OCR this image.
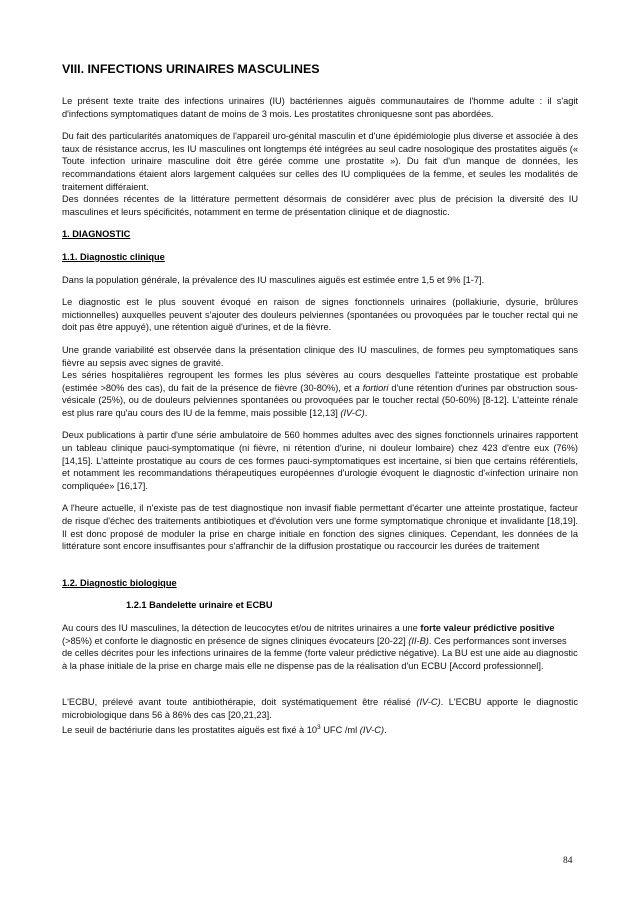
VIII. INFECTIONS URINAIRES MASCULINES

Le présent texte traite des infections urinaires (IU) bactériennes aiguës communautaires de l'homme adulte : il s'agit d'infections symptomatiques datant de moins de 3 mois. Les prostatites chroniquesne sont pas abordées.

Du fait des particularités anatomiques de l'appareil uro-génital masculin et d'une épidémiologie plus diverse et associée à des taux de résistance accrus, les IU masculines ont longtemps été intégrées au seul cadre nosologique des prostatites aiguës (« Toute infection urinaire masculine doit être gérée comme une prostatite »). Du fait d'un manque de données, les recommandations étaient alors largement calquées sur celles des IU compliquées de la femme, et seules les modalités de traitement différaient.

Des données récentes de la littérature permettent désormais de considérer avec plus de précision la diversité des IU masculines et leurs spécificités, notamment en terme de présentation clinique et de diagnostic.

1. DIAGNOSTIC

1.1. Diagnostic clinique

Dans la population générale, la prévalence des IU masculines aiguës est estimée entre 1,5 et 9% [1-7].

Le diagnostic est le plus souvent évoqué en raison de signes fonctionnels urinaires (pollakiurie, dysurie, brûlures mictionnelles) auxquelles peuvent s'ajouter des douleurs pelviennes (spontanées ou provoquées par le toucher rectal qui ne doit pas être appuyé), une rétention aiguë d'urines, et de la fièvre.

Une grande variabilité est observée dans la présentation clinique des IU masculines, de formes peu symptomatiques sans fièvre au sepsis avec signes de gravité.

Les séries hospitalières regroupent les formes les plus sévères au cours desquelles l'atteinte prostatique est probable (estimée >80% des cas), du fait de la présence de fièvre (30-80%), et a fortiori d'une rétention d'urines par obstruction sous-vésicale (25%), ou de douleurs pelviennes spontanées ou provoquées par le toucher rectal (50-60%) [8-12]. L'atteinte rénale est plus rare qu'au cours des IU de la femme, mais possible [12,13] (IV-C).

Deux publications à partir d'une série ambulatoire de 560 hommes adultes avec des signes fonctionnels urinaires rapportent un tableau clinique pauci-symptomatique (ni fièvre, ni rétention d'urine, ni douleur lombaire) chez 423 d'entre eux (76%) [14,15]. L'atteinte prostatique au cours de ces formes pauci-symptomatiques est incertaine, si bien que certains référentiels, et notamment les recommandations thérapeutiques européennes d'urologie évoquent le diagnostic d'«infection urinaire non compliquée» [16,17].

A l'heure actuelle, il n'existe pas de test diagnostique non invasif fiable permettant d'écarter une atteinte prostatique, facteur de risque d'échec des traitements antibiotiques et d'évolution vers une forme symptomatique chronique et invalidante [18,19]. Il est donc proposé de moduler la prise en charge initiale en fonction des signes cliniques. Cependant, les données de la littérature sont encore insuffisantes pour s'affranchir de la diffusion prostatique ou raccourcir les durées de traitement

1.2. Diagnostic biologique

1.2.1 Bandelette urinaire et ECBU

Au cours des IU masculines, la détection de leucocytes et/ou de nitrites urinaires a une forte valeur prédictive positive (>85%) et conforte le diagnostic en présence de signes cliniques évocateurs [20-22] (II-B). Ces performances sont inverses de celles décrites pour les infections urinaires de la femme (forte valeur prédictive négative). La BU est une aide au diagnostic à la phase initiale de la prise en charge mais elle ne dispense pas de la réalisation d'un ECBU [Accord professionnel].

L'ECBU, prélevé avant toute antibiothérapie, doit systématiquement être réalisé (IV-C). L'ECBU apporte le diagnostic microbiologique dans 56 à 86% des cas [20,21,23].

Le seuil de bactériurie dans les prostatites aiguës est fixé à $10^3$ UFC /ml (IV-C).

84
